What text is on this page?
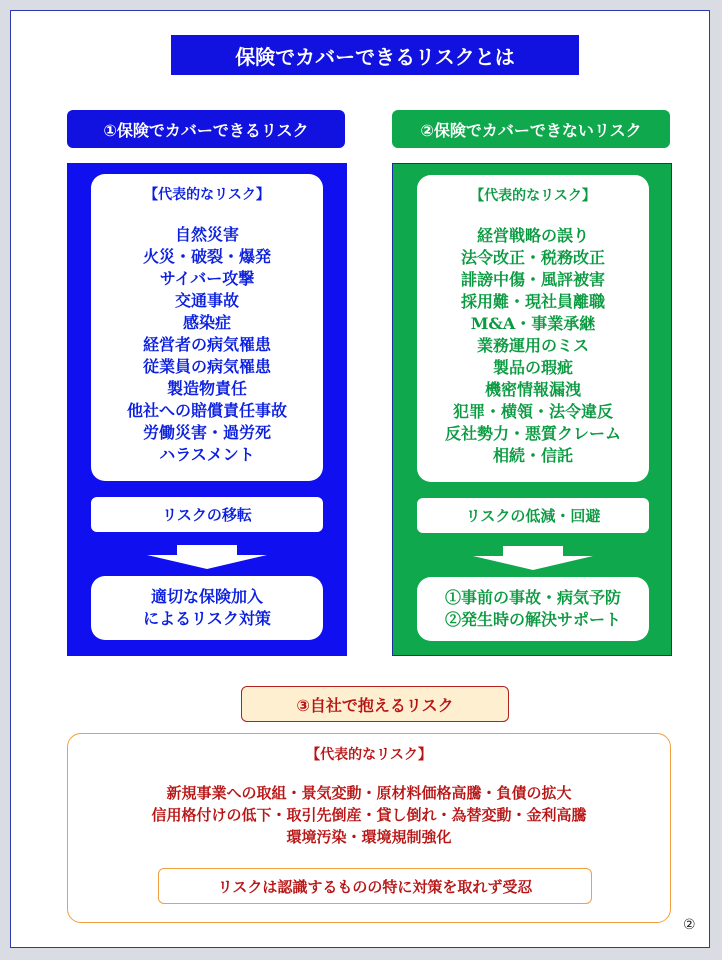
保険でカバーできるリスクとは
①保険でカバーできるリスク
【代表的なリスク】
自然災害
火災・破裂・爆発
サイバー攻撃
交通事故
感染症
経営者の病気罹患
従業員の病気罹患
製造物責任
他社への賠償責任事故
労働災害・過労死
ハラスメント
リスクの移転
適切な保険加入
によるリスク対策
②保険でカバーできないリスク
【代表的なリスク】
経営戦略の誤り
法令改正・税務改正
誹謗中傷・風評被害
採用難・現社員離職
M&A・事業承継
業務運用のミス
製品の瑕疵
機密情報漏洩
犯罪・横領・法令違反
反社勢力・悪質クレーム
相続・信託
リスクの低減・回避
①事前の事故・病気予防
②発生時の解決サポート
③自社で抱えるリスク
【代表的なリスク】
新規事業への取組・景気変動・原材料価格高騰・負債の拡大
信用格付けの低下・取引先倒産・貸し倒れ・為替変動・金利高騰
環境汚染・環境規制強化
リスクは認識するものの特に対策を取れず受忍
②
